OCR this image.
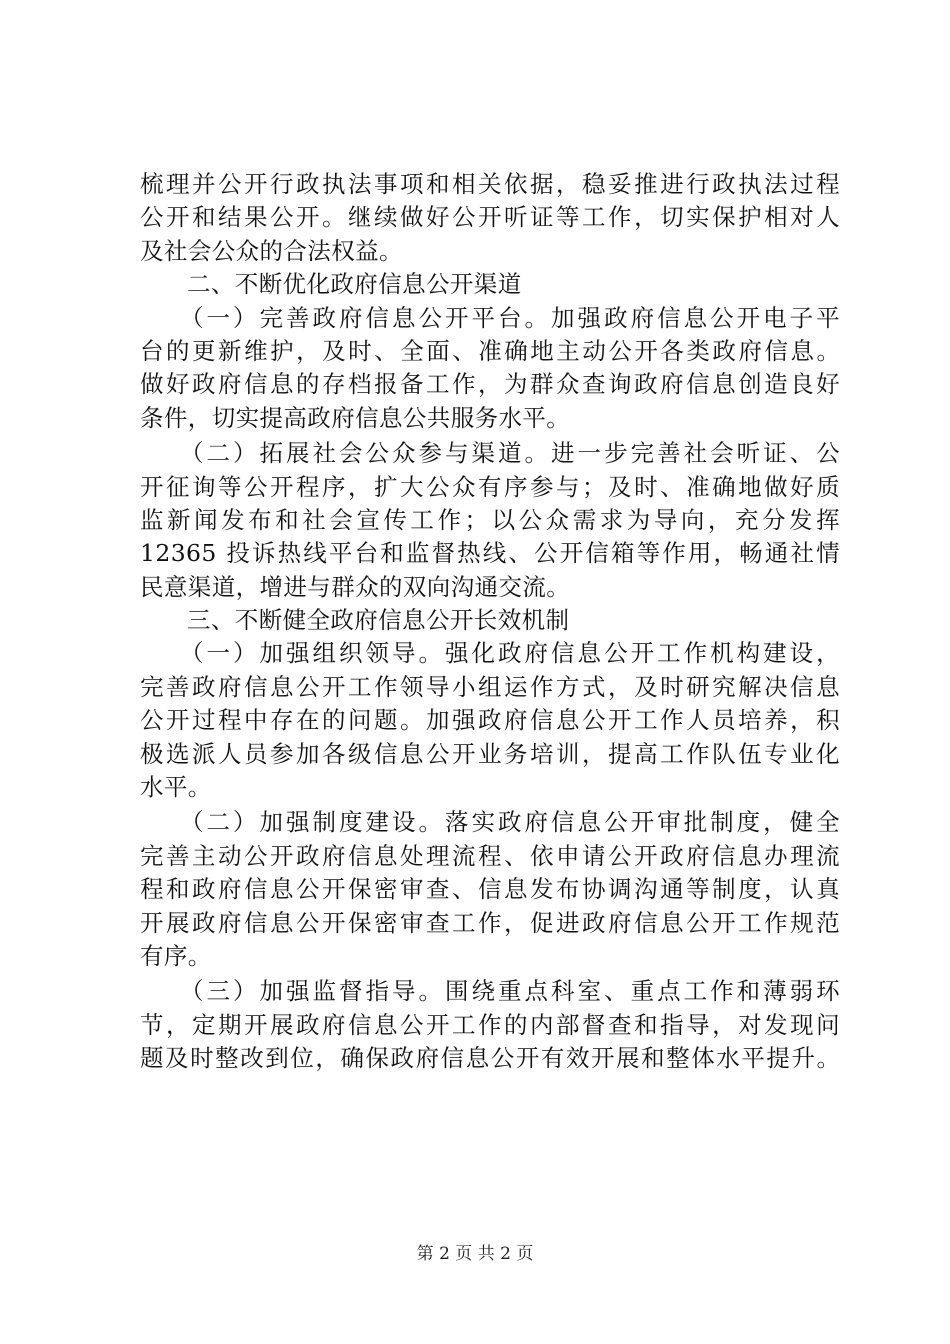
梳理并公开行政执法事项和相关依据，稳妥推进行政执法过程
公开和结果公开。继续做好公开听证等工作，切实保护相对人
及社会公众的合法权益。
二、不断优化政府信息公开渠道
（一）完善政府信息公开平台。加强政府信息公开电子平
台的更新维护，及时、全面、准确地主动公开各类政府信息。
做好政府信息的存档报备工作，为群众查询政府信息创造良好
条件，切实提高政府信息公共服务水平。
（二）拓展社会公众参与渠道。进一步完善社会听证、公
开征询等公开程序，扩大公众有序参与；及时、准确地做好质
监新闻发布和社会宣传工作；以公众需求为导向，充分发挥
12365 投诉热线平台和监督热线、公开信箱等作用，畅通社情
民意渠道，增进与群众的双向沟通交流。
三、不断健全政府信息公开长效机制
（一）加强组织领导。强化政府信息公开工作机构建设，
完善政府信息公开工作领导小组运作方式，及时研究解决信息
公开过程中存在的问题。加强政府信息公开工作人员培养，积
极选派人员参加各级信息公开业务培训，提高工作队伍专业化
水平。
（二）加强制度建设。落实政府信息公开审批制度，健全
完善主动公开政府信息处理流程、依申请公开政府信息办理流
程和政府信息公开保密审查、信息发布协调沟通等制度，认真
开展政府信息公开保密审查工作，促进政府信息公开工作规范
有序。
（三）加强监督指导。围绕重点科室、重点工作和薄弱环
节，定期开展政府信息公开工作的内部督查和指导，对发现问
题及时整改到位，确保政府信息公开有效开展和整体水平提升。
第 2 页 共 2 页
